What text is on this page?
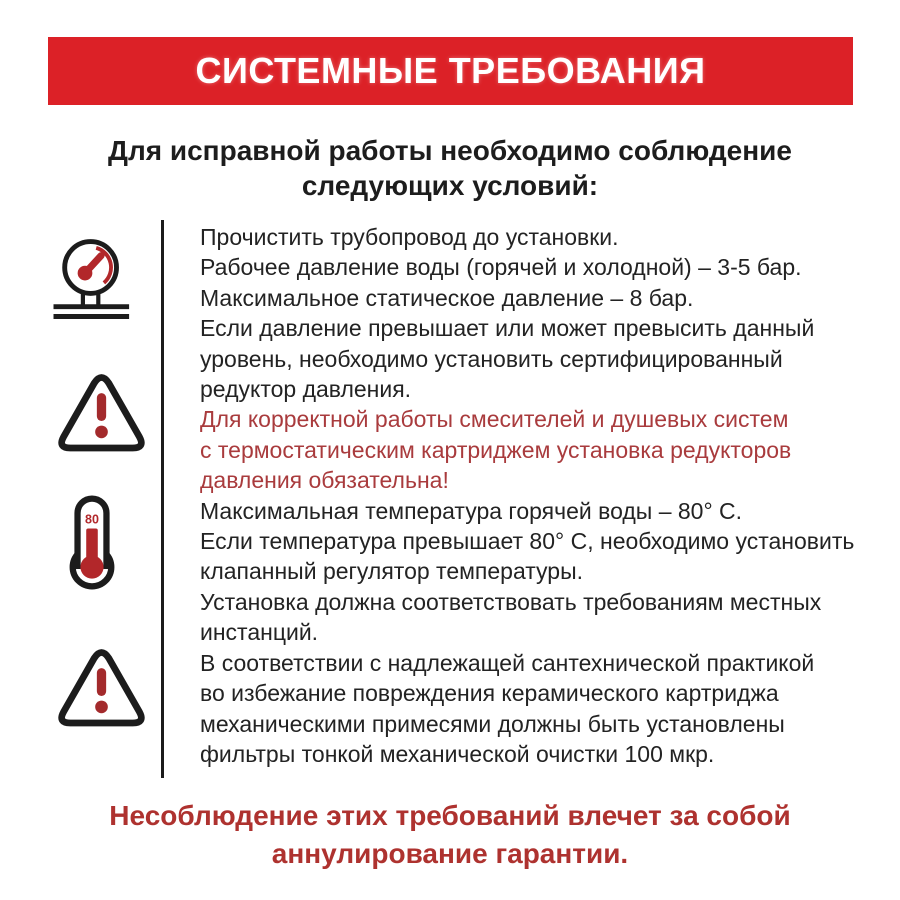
СИСТЕМНЫЕ ТРЕБОВАНИЯ
Для исправной работы необходимо соблюдение
следующих условий:
80
Прочистить трубопровод до установки.
Рабочее давление воды (горячей и холодной) – 3-5 бар.
Максимальное статическое давление – 8 бар.
Если давление превышает или может превысить данный
уровень, необходимо установить сертифицированный
редуктор давления.
Для корректной работы смесителей и душевых систем
с термостатическим картриджем установка редукторов
давления обязательна!
Максимальная температура горячей воды – 80° С.
Если температура превышает 80° С, необходимо установить
клапанный регулятор температуры.
Установка должна соответствовать требованиям местных
инстанций.
В соответствии с надлежащей сантехнической практикой
во избежание повреждения керамического картриджа
механическими примесями должны быть установлены
фильтры тонкой механической очистки 100 мкр.
Несоблюдение этих требований влечет за собой
аннулирование гарантии.
